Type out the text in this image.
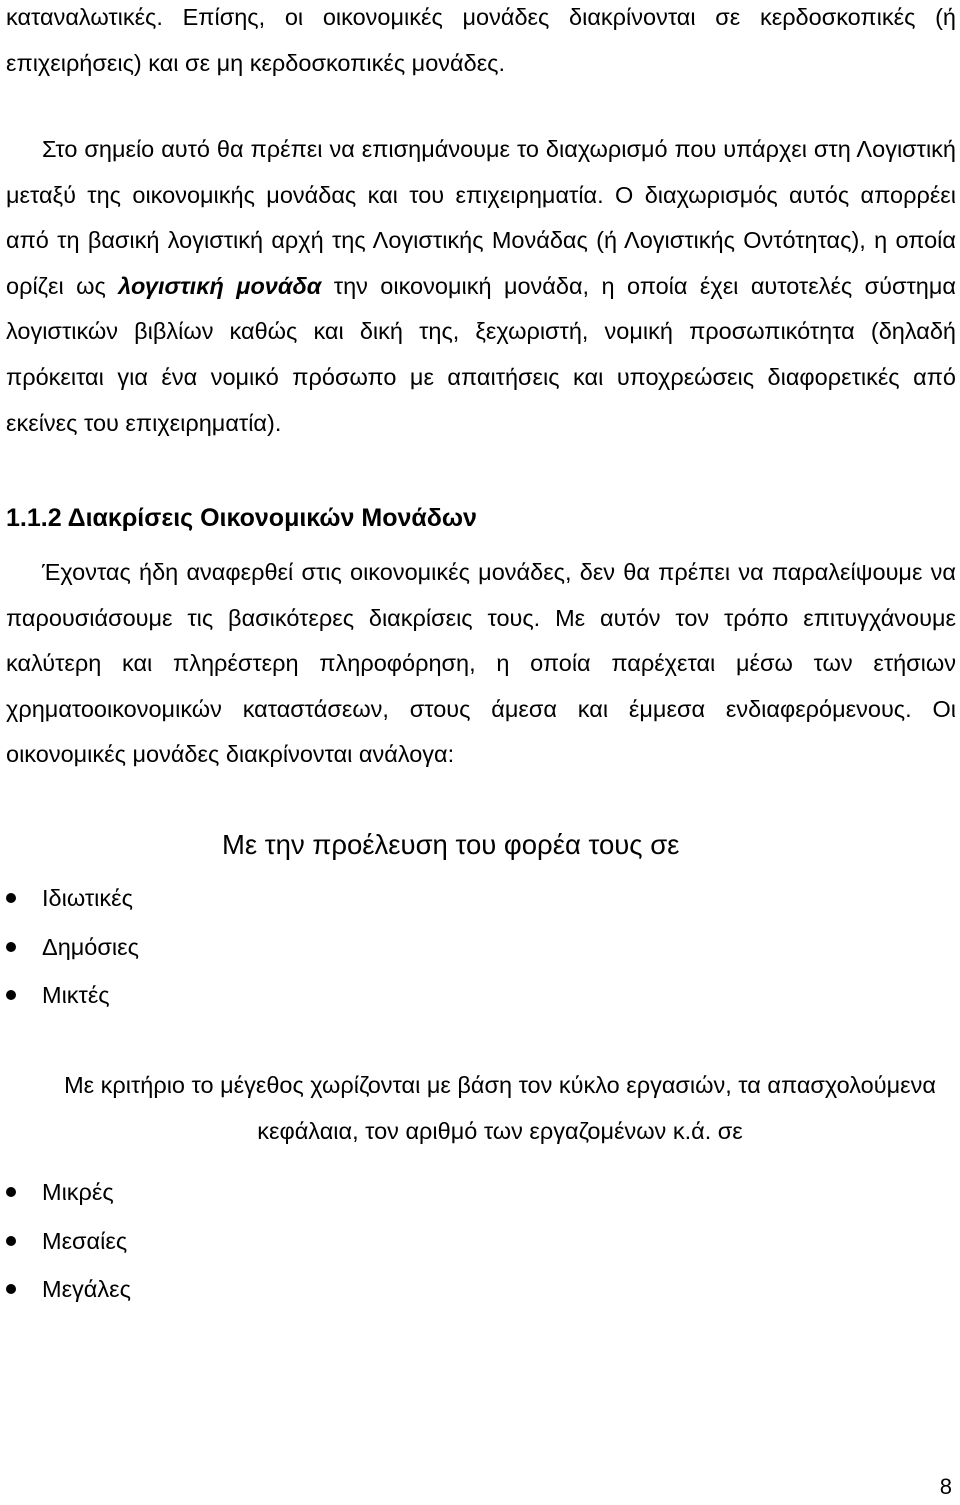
καταναλωτικές. Επίσης, οι οικονομικές μονάδες διακρίνονται σε κερδοσκοπικές (ή επιχειρήσεις) και σε μη κερδοσκοπικές μονάδες.

Στο σημείο αυτό θα πρέπει να επισημάνουμε το διαχωρισμό που υπάρχει στη Λογιστική μεταξύ της οικονομικής μονάδας και του επιχειρηματία. Ο διαχωρισμός αυτός απορρέει από τη βασική λογιστική αρχή της Λογιστικής Μονάδας (ή Λογιστικής Οντότητας), η οποία ορίζει ως λογιστική μονάδα την οικονομική μονάδα, η οποία έχει αυτοτελές σύστημα λογιστικών βιβλίων καθώς και δική της, ξεχωριστή, νομική προσωπικότητα (δηλαδή πρόκειται για ένα νομικό πρόσωπο με απαιτήσεις και υποχρεώσεις διαφορετικές από εκείνες του επιχειρηματία).

1.1.2 Διακρίσεις Οικονομικών Μονάδων

Έχοντας ήδη αναφερθεί στις οικονομικές μονάδες, δεν θα πρέπει να παραλείψουμε να παρουσιάσουμε τις βασικότερες διακρίσεις τους. Με αυτόν τον τρόπο επιτυγχάνουμε καλύτερη και πληρέστερη πληροφόρηση, η οποία παρέχεται μέσω των ετήσιων χρηματοοικονομικών καταστάσεων, στους άμεσα και έμμεσα ενδιαφερόμενους. Οι οικονομικές μονάδες διακρίνονται ανάλογα:

Με την προέλευση του φορέα τους σε

Ιδιωτικές
Δημόσιες
Μικτές

Με κριτήριο το μέγεθος χωρίζονται με βάση τον κύκλο εργασιών, τα απασχολούμενα κεφάλαια, τον αριθμό των εργαζομένων κ.ά. σε

Μικρές
Μεσαίες
Μεγάλες

8
